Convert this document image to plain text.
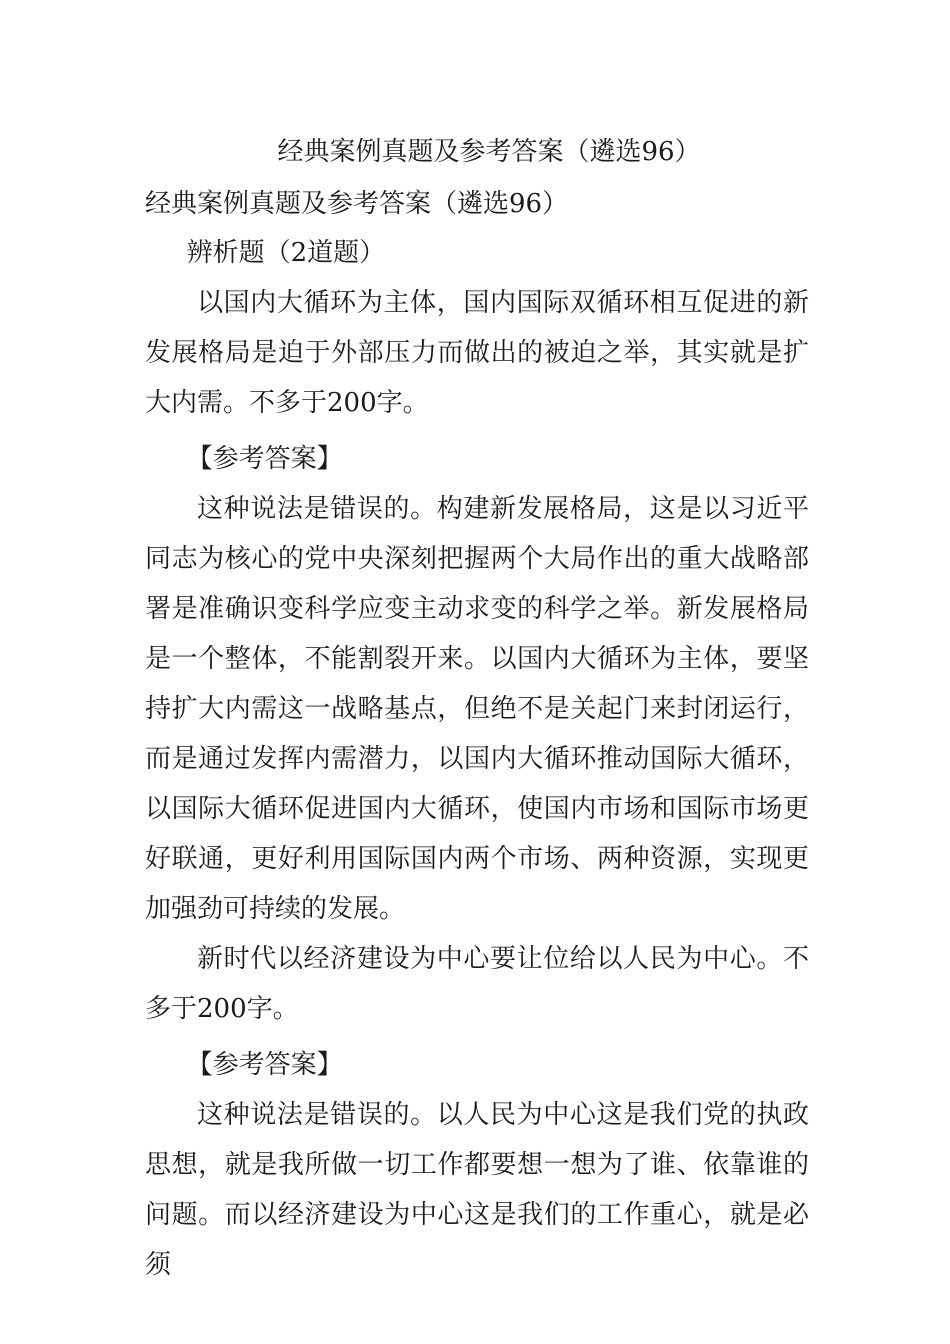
经典案例真题及参考答案（遴选96）
经典案例真题及参考答案（遴选96）

辨析题（2道题）

以国内大循环为主体，国内国际双循环相互促进的新发展格局是迫于外部压力而做出的被迫之举，其实就是扩大内需。不多于200字。

【参考答案】

这种说法是错误的。构建新发展格局，这是以习近平同志为核心的党中央深刻把握两个大局作出的重大战略部署是准确识变科学应变主动求变的科学之举。新发展格局是一个整体，不能割裂开来。以国内大循环为主体，要坚持扩大内需这一战略基点，但绝不是关起门来封闭运行，而是通过发挥内需潜力，以国内大循环推动国际大循环，以国际大循环促进国内大循环，使国内市场和国际市场更好联通，更好利用国际国内两个市场、两种资源，实现更加强劲可持续的发展。

新时代以经济建设为中心要让位给以人民为中心。不多于200字。

【参考答案】

这种说法是错误的。以人民为中心这是我们党的执政思想，就是我所做一切工作都要想一想为了谁、依靠谁的问题。而以经济建设为中心这是我们的工作重心，就是必须
